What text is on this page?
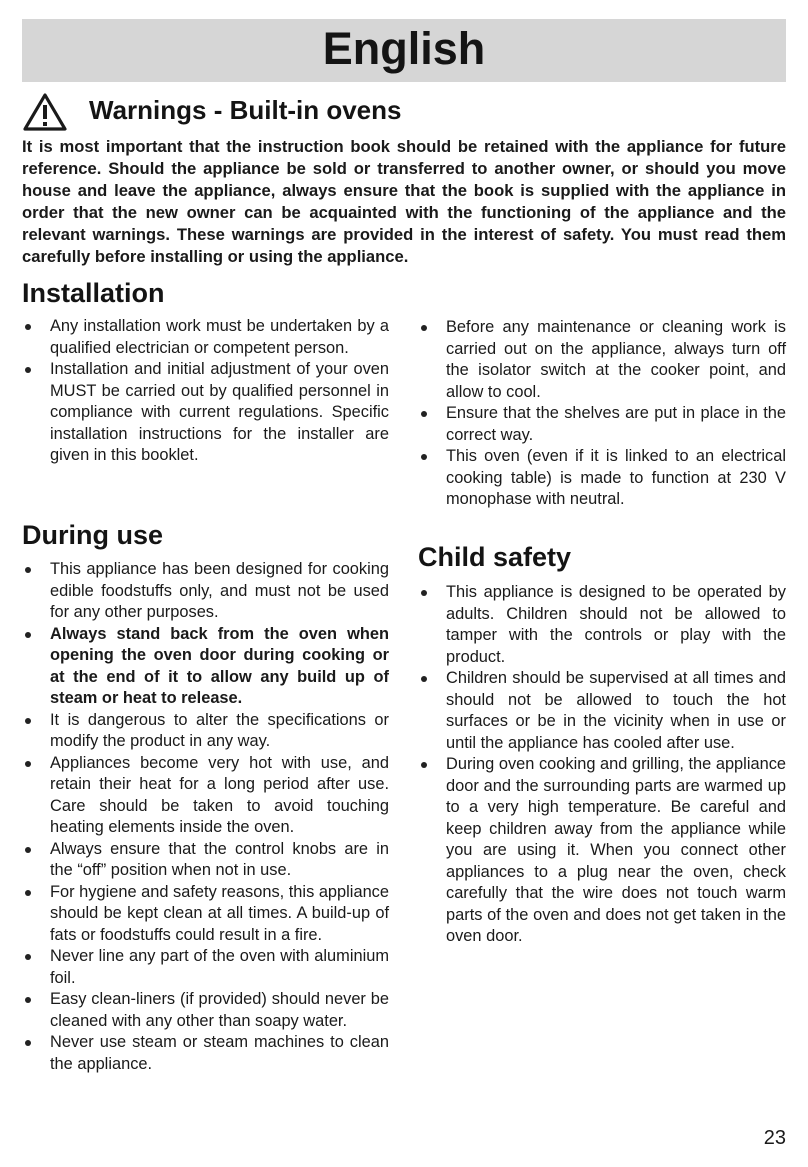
English
Warnings - Built-in ovens

It is most important that the instruction book should be retained with the appliance for future reference. Should the appliance be sold or transferred to another owner, or should you move house and leave the appliance, always ensure that the book is supplied with the appliance in order that the new owner can be acquainted with the functioning of the appliance and the relevant warnings. These warnings are provided in the interest of safety. You must read them carefully before installing or using the appliance.

Installation
Any installation work must be undertaken by a qualified electrician or competent person.
Installation and initial adjustment of your oven MUST be carried out by qualified personnel in compliance with current regulations. Specific installation instructions for the installer are given in this booklet.
During use
This appliance has been designed for cooking edible foodstuffs only, and must not be used for any other purposes.
Always stand back from the oven when opening the oven door during cooking or at the end of it to allow any build up of steam or heat to release.
It is dangerous to alter the specifications or modify the product in any way.
Appliances become very hot with use, and retain their heat for a long period after use. Care should be taken to avoid touching heating elements inside the oven.
Always ensure that the control knobs are in the “off” position when not in use.
For hygiene and safety reasons, this appliance should be kept clean at all times. A build-up of fats or foodstuffs could result in a fire.
Never line any part of the oven with aluminium foil.
Easy clean-liners (if provided) should never be cleaned with any other than soapy water.
Never use steam or steam machines to clean the appliance.
Before any maintenance or cleaning work is carried out on the appliance, always turn off the isolator switch at the cooker point, and allow to cool.
Ensure that the shelves are put in place in the correct way.
This oven (even if it is linked to an electrical cooking table) is made to function at 230 V monophase with neutral.
Child safety
This appliance is designed to be operated by adults. Children should not be allowed to tamper with the controls or play with the product.
Children should be supervised at all times and should not be allowed to touch the hot surfaces or be in the vicinity when in use or until the appliance has cooled after use.
During oven cooking and grilling, the appliance door and the surrounding parts are warmed up to a very high temperature. Be careful and keep children away from the appliance while you are using it. When you connect other appliances to a plug near the oven, check carefully that the wire does not touch warm parts of the oven and does not get taken in the oven door.
23
